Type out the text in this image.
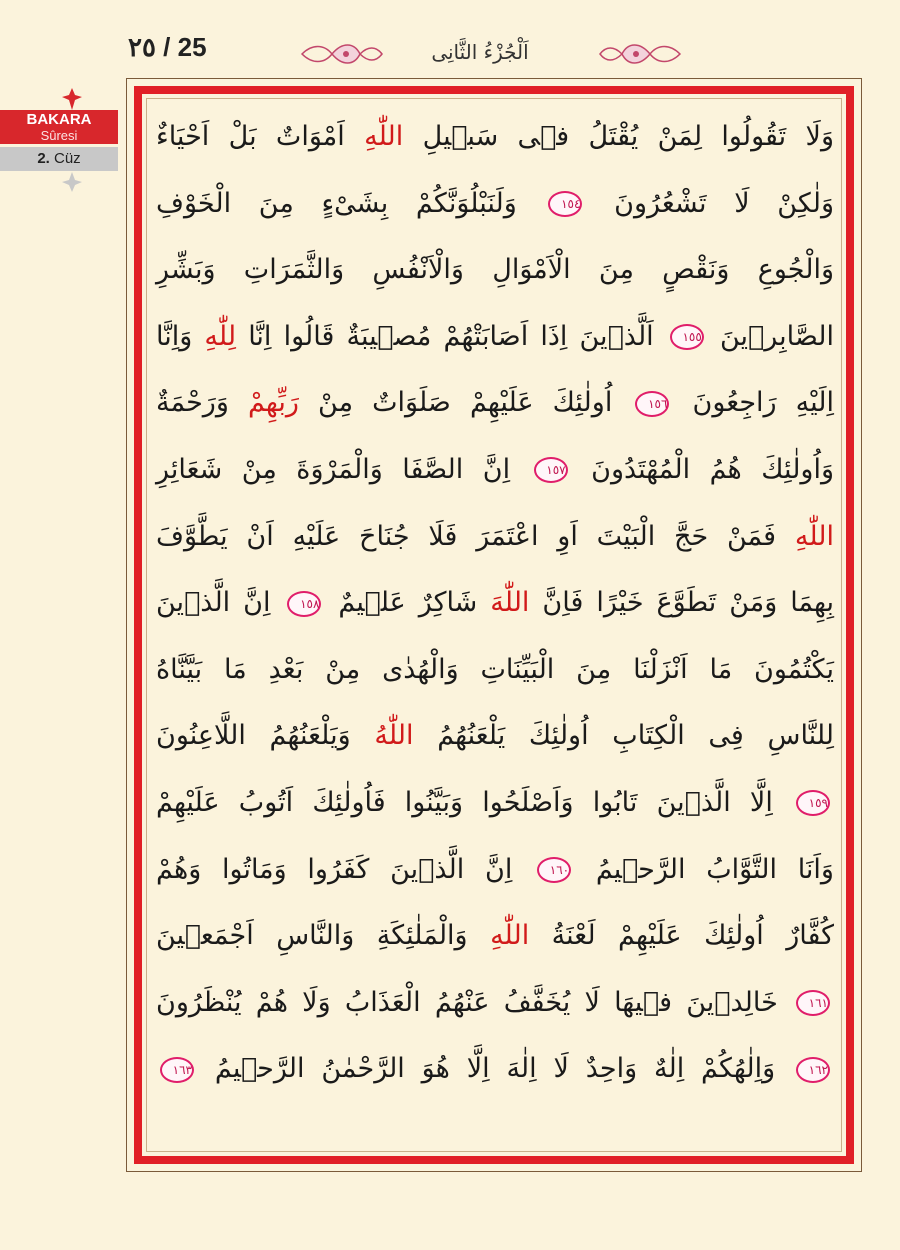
٢٥ / 25	اَلْجُزْءُ الثَّانِى
BAKARA
Sûresi
2. Cüz
وَلَا تَقُولُوا لِمَنْ يُقْتَلُ فٖى سَبٖيلِ اللّٰهِ اَمْوَاتٌ بَلْ اَحْيَاءٌ
وَلٰكِنْ لَا تَشْعُرُونَ ١٥٤ وَلَنَبْلُوَنَّكُمْ بِشَیْءٍ مِنَ الْخَوْفِ
وَالْجُوعِ وَنَقْصٍ مِنَ الْاَمْوَالِ وَالْاَنْفُسِ وَالثَّمَرَاتِ وَبَشِّرِ
الصَّابِرٖينَ ١٥٥ اَلَّذٖينَ اِذَا اَصَابَتْهُمْ مُصٖيبَةٌ قَالُوا اِنَّا لِلّٰهِ وَاِنَّا
اِلَيْهِ رَاجِعُونَ ١٥٦ اُولٰئِكَ عَلَيْهِمْ صَلَوَاتٌ مِنْ رَبِّهِمْ وَرَحْمَةٌ
وَاُولٰئِكَ هُمُ الْمُهْتَدُونَ ١٥٧ اِنَّ الصَّفَا وَالْمَرْوَةَ مِنْ شَعَائِرِ
اللّٰهِ فَمَنْ حَجَّ الْبَيْتَ اَوِ اعْتَمَرَ فَلَا جُنَاحَ عَلَيْهِ اَنْ يَطَّوَّفَ
بِهِمَا وَمَنْ تَطَوَّعَ خَيْرًا فَاِنَّ اللّٰهَ شَاكِرٌ عَلٖيمٌ ١٥٨ اِنَّ الَّذٖينَ
يَكْتُمُونَ مَا اَنْزَلْنَا مِنَ الْبَيِّنَاتِ وَالْهُدٰى مِنْ بَعْدِ مَا بَيَّنَّاهُ
لِلنَّاسِ فِى الْكِتَابِ اُولٰئِكَ يَلْعَنُهُمُ اللّٰهُ وَيَلْعَنُهُمُ اللَّاعِنُونَ
١٥٩ اِلَّا الَّذٖينَ تَابُوا وَاَصْلَحُوا وَبَيَّنُوا فَاُولٰئِكَ اَتُوبُ عَلَيْهِمْ
وَاَنَا التَّوَّابُ الرَّحٖيمُ ١٦٠ اِنَّ الَّذٖينَ كَفَرُوا وَمَاتُوا وَهُمْ
كُفَّارٌ اُولٰئِكَ عَلَيْهِمْ لَعْنَةُ اللّٰهِ وَالْمَلٰئِكَةِ وَالنَّاسِ اَجْمَعٖينَ
١٦١ خَالِدٖينَ فٖيهَا لَا يُخَفَّفُ عَنْهُمُ الْعَذَابُ وَلَا هُمْ يُنْظَرُونَ
١٦٢ وَاِلٰهُكُمْ اِلٰهٌ وَاحِدٌ لَا اِلٰهَ اِلَّا هُوَ الرَّحْمٰنُ الرَّحٖيمُ ١٦٣
